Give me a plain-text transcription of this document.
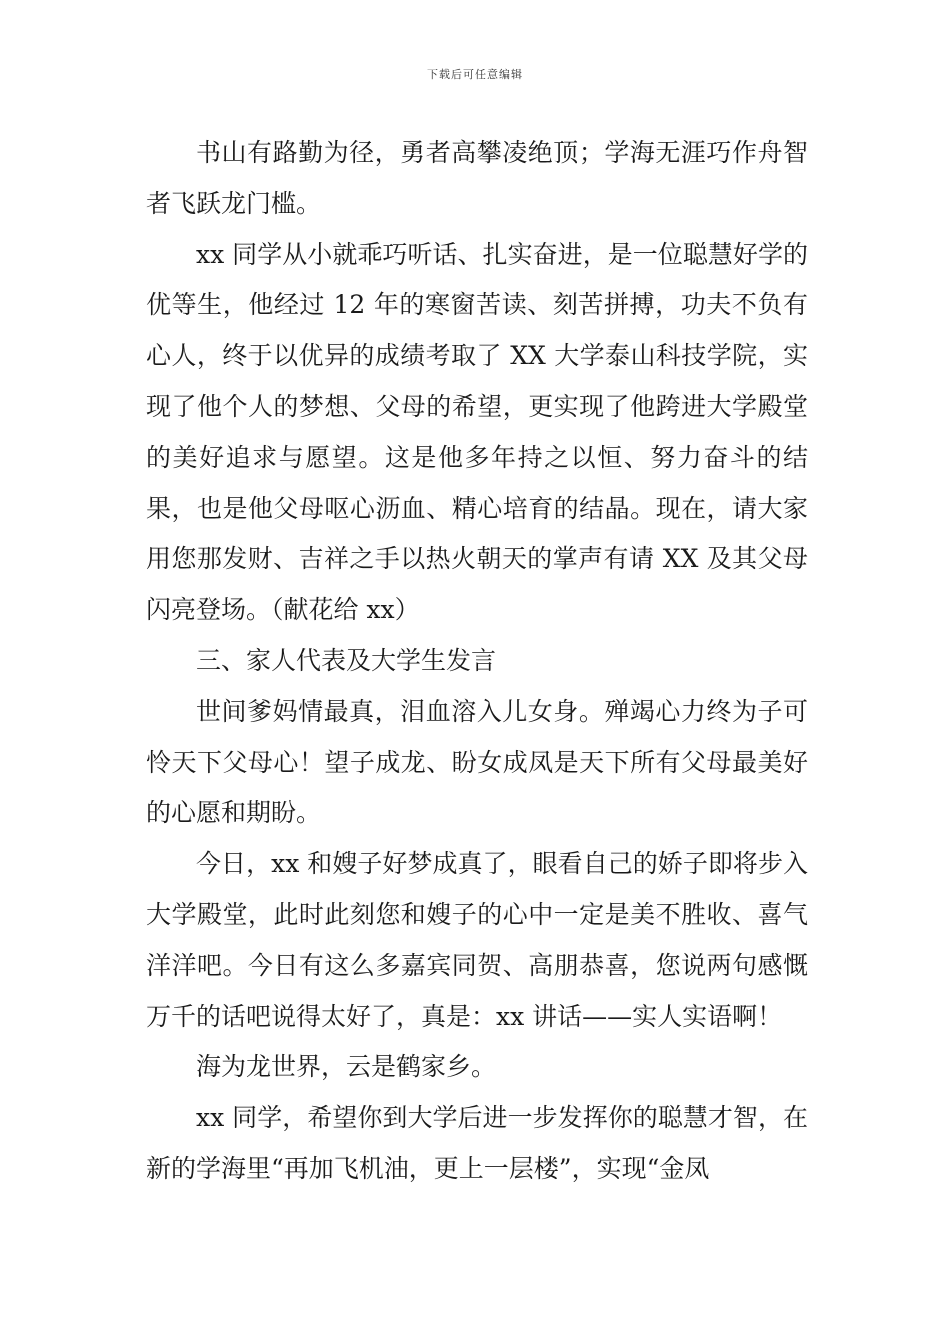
下载后可任意编辑

书山有路勤为径，勇者高攀凌绝顶；学海无涯巧作舟智者飞跃龙门槛。

xx 同学从小就乖巧听话、扎实奋进，是一位聪慧好学的优等生，他经过 12 年的寒窗苦读、刻苦拼搏，功夫不负有心人，终于以优异的成绩考取了 XX 大学泰山科技学院，实现了他个人的梦想、父母的希望，更实现了他跨进大学殿堂的美好追求与愿望。这是他多年持之以恒、努力奋斗的结果，也是他父母呕心沥血、精心培育的结晶。现在，请大家用您那发财、吉祥之手以热火朝天的掌声有请 XX 及其父母闪亮登场。（献花给 xx）

三、家人代表及大学生发言

世间爹妈情最真，泪血溶入儿女身。殚竭心力终为子可怜天下父母心！望子成龙、盼女成凤是天下所有父母最美好的心愿和期盼。

今日，xx 和嫂子好梦成真了，眼看自己的娇子即将步入大学殿堂，此时此刻您和嫂子的心中一定是美不胜收、喜气洋洋吧。今日有这么多嘉宾同贺、高朋恭喜，您说两句感慨万千的话吧说得太好了，真是：xx 讲话——实人实语啊！

海为龙世界，云是鹤家乡。

xx 同学，希望你到大学后进一步发挥你的聪慧才智，在新的学海里“再加飞机油，更上一层楼”，实现“金凤
